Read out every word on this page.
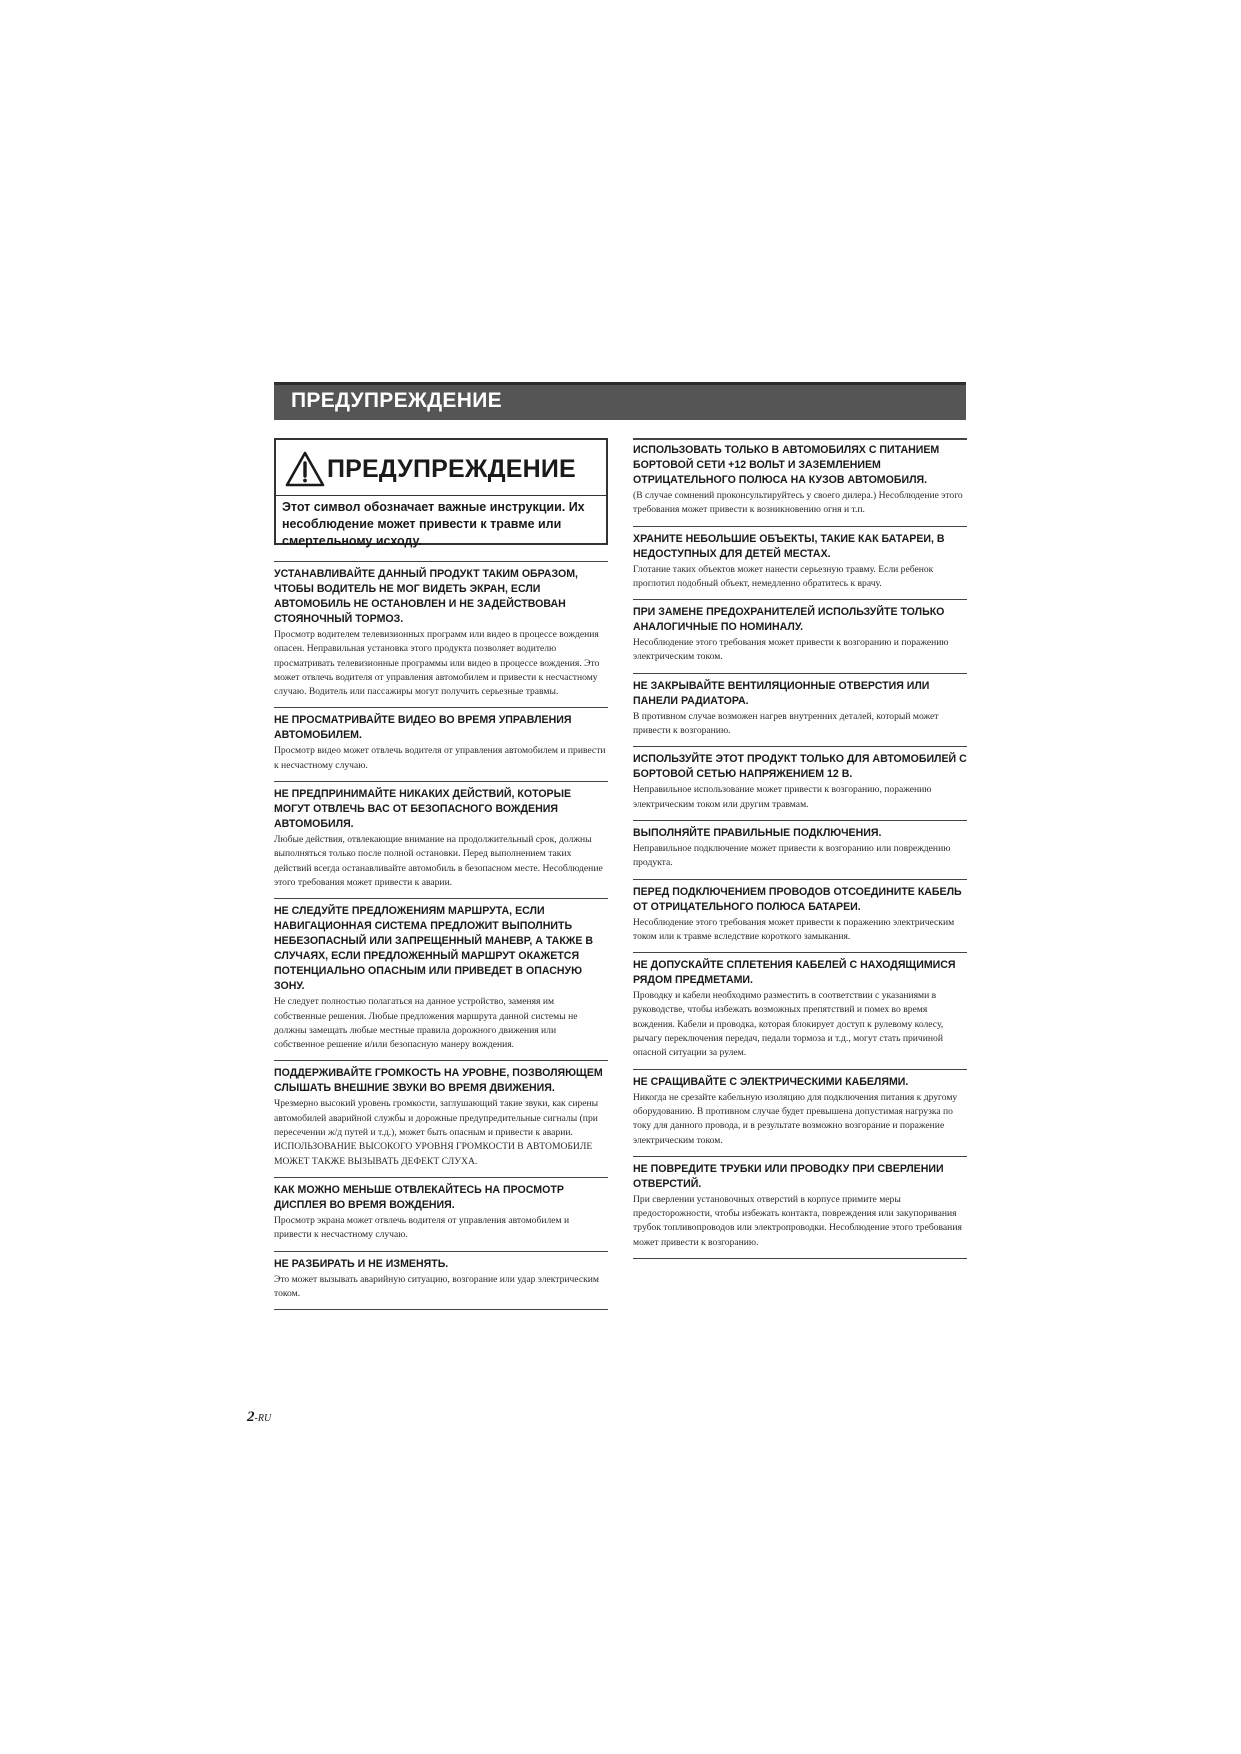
ПРЕДУПРЕЖДЕНИЕ
ПРЕДУПРЕЖДЕНИЕ
Этот символ обозначает важные инструкции. Их несоблюдение может привести к травме или смертельному исходу.

УСТАНАВЛИВАЙТЕ ДАННЫЙ ПРОДУКТ ТАКИМ ОБРАЗОМ, ЧТОБЫ ВОДИТЕЛЬ НЕ МОГ ВИДЕТЬ ЭКРАН, ЕСЛИ АВТОМОБИЛЬ НЕ ОСТАНОВЛЕН И НЕ ЗАДЕЙСТВОВАН СТОЯНОЧНЫЙ ТОРМОЗ.

Просмотр водителем телевизионных программ или видео в процессе вождения опасен. Неправильная установка этого продукта позволяет водителю просматривать телевизионные программы или видео в процессе вождения. Это может отвлечь водителя от управления автомобилем и привести к несчастному случаю. Водитель или пассажиры могут получить серьезные травмы.

НЕ ПРОСМАТРИВАЙТЕ ВИДЕО ВО ВРЕМЯ УПРАВЛЕНИЯ АВТОМОБИЛЕМ.

Просмотр видео может отвлечь водителя от управления автомобилем и привести к несчастному случаю.

НЕ ПРЕДПРИНИМАЙТЕ НИКАКИХ ДЕЙСТВИЙ, КОТОРЫЕ МОГУТ ОТВЛЕЧЬ ВАС ОТ БЕЗОПАСНОГО ВОЖДЕНИЯ АВТОМОБИЛЯ.

Любые действия, отвлекающие внимание на продолжительный срок, должны выполняться только после полной остановки. Перед выполнением таких действий всегда останавливайте автомобиль в безопасном месте. Несоблюдение этого требования может привести к аварии.

НЕ СЛЕДУЙТЕ ПРЕДЛОЖЕНИЯМ МАРШРУТА, ЕСЛИ НАВИГАЦИОННАЯ СИСТЕМА ПРЕДЛОЖИТ ВЫПОЛНИТЬ НЕБЕЗОПАСНЫЙ ИЛИ ЗАПРЕЩЕННЫЙ МАНЕВР, А ТАКЖЕ В СЛУЧАЯХ, ЕСЛИ ПРЕДЛОЖЕННЫЙ МАРШРУТ ОКАЖЕТСЯ ПОТЕНЦИАЛЬНО ОПАСНЫМ ИЛИ ПРИВЕДЕТ В ОПАСНУЮ ЗОНУ.

Не следует полностью полагаться на данное устройство, заменяя им собственные решения. Любые предложения маршрута данной системы не должны замещать любые местные правила дорожного движения или собственное решение и/или безопасную манеру вождения.

ПОДДЕРЖИВАЙТЕ ГРОМКОСТЬ НА УРОВНЕ, ПОЗВОЛЯЮЩЕМ СЛЫШАТЬ ВНЕШНИЕ ЗВУКИ ВО ВРЕМЯ ДВИЖЕНИЯ.

Чрезмерно высокий уровень громкости, заглушающий такие звуки, как сирены автомобилей аварийной службы и дорожные предупредительные сигналы (при пересечении ж/д путей и т.д.), может быть опасным и привести к аварии. ИСПОЛЬЗОВАНИЕ ВЫСОКОГО УРОВНЯ ГРОМКОСТИ В АВТОМОБИЛЕ МОЖЕТ ТАКЖЕ ВЫЗЫВАТЬ ДЕФЕКТ СЛУХА.

КАК МОЖНО МЕНЬШЕ ОТВЛЕКАЙТЕСЬ НА ПРОСМОТР ДИСПЛЕЯ ВО ВРЕМЯ ВОЖДЕНИЯ.

Просмотр экрана может отвлечь водителя от управления автомобилем и привести к несчастному случаю.

НЕ РАЗБИРАТЬ И НЕ ИЗМЕНЯТЬ.

Это может вызывать аварийную ситуацию, возгорание или удар электрическим током.

ИСПОЛЬЗОВАТЬ ТОЛЬКО В АВТОМОБИЛЯХ С ПИТАНИЕМ БОРТОВОЙ СЕТИ +12 ВОЛЬТ И ЗАЗЕМЛЕНИЕМ ОТРИЦАТЕЛЬНОГО ПОЛЮСА НА КУЗОВ АВТОМОБИЛЯ.

(В случае сомнений проконсультируйтесь у своего дилера.) Несоблюдение этого требования может привести к возникновению огня и т.п.

ХРАНИТЕ НЕБОЛЬШИЕ ОБЪЕКТЫ, ТАКИЕ КАК БАТАРЕИ, В НЕДОСТУПНЫХ ДЛЯ ДЕТЕЙ МЕСТАХ.

Глотание таких объектов может нанести серьезную травму. Если ребенок проглотил подобный объект, немедленно обратитесь к врачу.

ПРИ ЗАМЕНЕ ПРЕДОХРАНИТЕЛЕЙ ИСПОЛЬЗУЙТЕ ТОЛЬКО АНАЛОГИЧНЫЕ ПО НОМИНАЛУ.

Несоблюдение этого требования может привести к возгоранию и поражению электрическим током.

НЕ ЗАКРЫВАЙТЕ ВЕНТИЛЯЦИОННЫЕ ОТВЕРСТИЯ ИЛИ ПАНЕЛИ РАДИАТОРА.

В противном случае возможен нагрев внутренних деталей, который может привести к возгоранию.

ИСПОЛЬЗУЙТЕ ЭТОТ ПРОДУКТ ТОЛЬКО ДЛЯ АВТОМОБИЛЕЙ С БОРТОВОЙ СЕТЬЮ НАПРЯЖЕНИЕМ 12 В.

Неправильное использование может привести к возгоранию, поражению электрическим током или другим травмам.

ВЫПОЛНЯЙТЕ ПРАВИЛЬНЫЕ ПОДКЛЮЧЕНИЯ.

Неправильное подключение может привести к возгоранию или повреждению продукта.

ПЕРЕД ПОДКЛЮЧЕНИЕМ ПРОВОДОВ ОТСОЕДИНИТЕ КАБЕЛЬ ОТ ОТРИЦАТЕЛЬНОГО ПОЛЮСА БАТАРЕИ.

Несоблюдение этого требования может привести к поражению электрическим током или к травме вследствие короткого замыкания.

НЕ ДОПУСКАЙТЕ СПЛЕТЕНИЯ КАБЕЛЕЙ С НАХОДЯЩИМИСЯ РЯДОМ ПРЕДМЕТАМИ.

Проводку и кабели необходимо разместить в соответствии с указаниями в руководстве, чтобы избежать возможных препятствий и помех во время вождения. Кабели и проводка, которая блокирует доступ к рулевому колесу, рычагу переключения передач, педали тормоза и т.д., могут стать причиной опасной ситуации за рулем.

НЕ СРАЩИВАЙТЕ С ЭЛЕКТРИЧЕСКИМИ КАБЕЛЯМИ.

Никогда не срезайте кабельную изоляцию для подключения питания к другому оборудованию. В противном случае будет превышена допустимая нагрузка по току для данного провода, и в результате возможно возгорание и поражение электрическим током.

НЕ ПОВРЕДИТЕ ТРУБКИ ИЛИ ПРОВОДКУ ПРИ СВЕРЛЕНИИ ОТВЕРСТИЙ.

При сверлении установочных отверстий в корпусе примите меры предосторожности, чтобы избежать контакта, повреждения или закупоривания трубок топливопроводов или электропроводки. Несоблюдение этого требования может привести к возгоранию.

2-RU
